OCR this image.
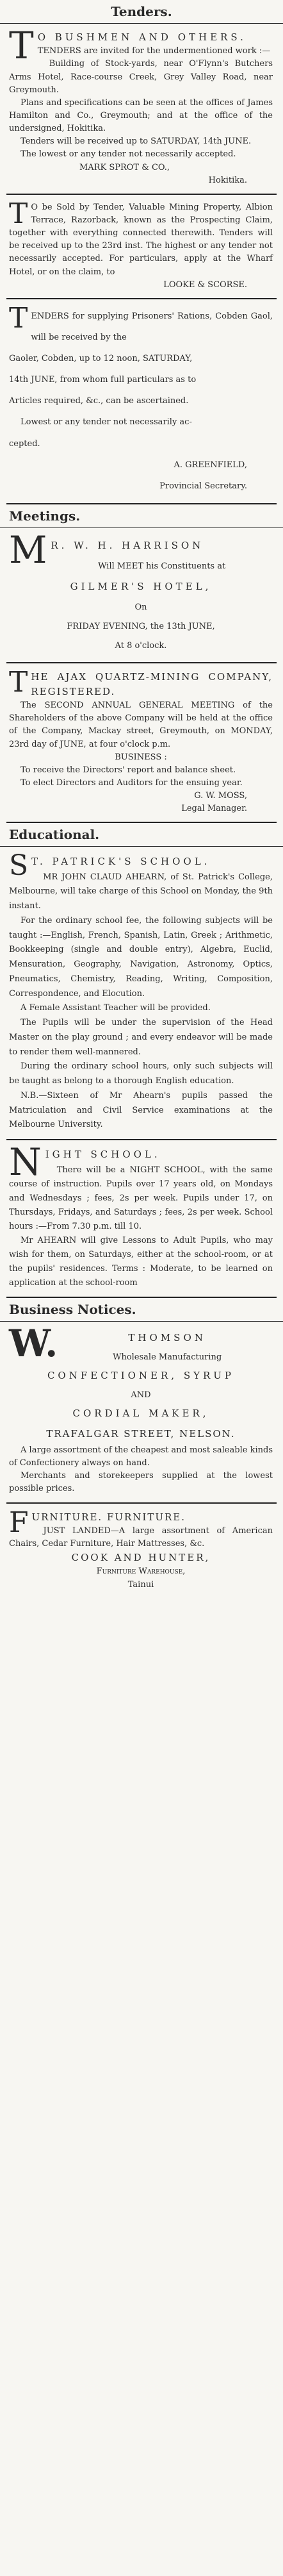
Tenders.
T O BUSHMEN AND OTHERS.

TENDERS are invited for the undermentioned work :—

Building of Stock-yards, near O'Flynn's Butchers Arms Hotel, Race-course Creek, Grey Valley Road, near Greymouth.

Plans and specifications can be seen at the offices of James Hamilton and Co., Greymouth; and at the office of the undersigned, Hokitika.

Tenders will be received up to SATURDAY, 14th JUNE.

The lowest or any tender not necessarily accepted.

MARK SPROT & CO.,

Hokitika.

T O be Sold by Tender, Valuable Mining Property, Albion Terrace, Razorback, known as the Prospecting Claim, together with everything connected therewith. Tenders will be received up to the 23rd inst. The highest or any tender not necessarily accepted. For particulars, apply at the Wharf Hotel, or on the claim, to

LOOKE & SCORSE.

T ENDERS for supplying Prisoners' Rations, Cobden Gaol, will be received by the

Gaoler, Cobden, up to 12 noon, SATURDAY,

14th JUNE, from whom full particulars as to

Articles required, &c., can be ascertained.

Lowest or any tender not necessarily ac-

cepted.

A. GREENFIELD,

Provincial Secretary.

Meetings.
M R. W. H. HARRISON

Will MEET his Constituents at

GILMER'S HOTEL,

On

FRIDAY EVENING, the 13th JUNE,

At 8 o'clock.

T HE AJAX QUARTZ-MINING COMPANY, REGISTERED.

The SECOND ANNUAL GENERAL MEETING of the Shareholders of the above Company will be held at the office of the Company, Mackay street, Greymouth, on MONDAY, 23rd day of JUNE, at four o'clock p.m.

BUSINESS :

To receive the Directors' report and balance sheet.

To elect Directors and Auditors for the ensuing year.

G. W. MOSS,

Legal Manager.

Educational.
S T. PATRICK'S SCHOOL.

MR JOHN CLAUD AHEARN, of St. Patrick's College, Melbourne, will take charge of this School on Monday, the 9th instant.

For the ordinary school fee, the following subjects will be taught :—English, French, Spanish, Latin, Greek ; Arithmetic, Bookkeeping (single and double entry), Algebra, Euclid, Mensuration, Geography, Navigation, Astronomy, Optics, Pneumatics, Chemistry, Reading, Writing, Composition, Correspondence, and Elocution.

A Female Assistant Teacher will be provided.

The Pupils will be under the supervision of the Head Master on the play ground ; and every endeavor will be made to render them well-mannered.

During the ordinary school hours, only such subjects will be taught as belong to a thorough English education.

N.B.—Sixteen of Mr Ahearn's pupils passed the Matriculation and Civil Service examinations at the Melbourne University.

N IGHT SCHOOL.

There will be a NIGHT SCHOOL, with the same course of instruction. Pupils over 17 years old, on Mondays and Wednesdays ; fees, 2s per week. Pupils under 17, on Thursdays, Fridays, and Saturdays ; fees, 2s per week. School hours :—From 7.30 p.m. till 10.

Mr AHEARN will give Lessons to Adult Pupils, who may wish for them, on Saturdays, either at the school-room, or at the pupils' residences. Terms : Moderate, to be learned on application at the school-room

Business Notices.
W.	THOMSON

Wholesale Manufacturing

CONFECTIONER, SYRUP

AND

CORDIAL MAKER,

TRAFALGAR STREET, NELSON.

A large assortment of the cheapest and most saleable kinds of Confectionery always on hand.

Merchants and storekeepers supplied at the lowest possible prices.

F URNITURE. FURNITURE.

JUST LANDED—A large assortment of American Chairs, Cedar Furniture, Hair Mattresses, &c.

COOK AND HUNTER,

Furniture Warehouse,

Tainui
